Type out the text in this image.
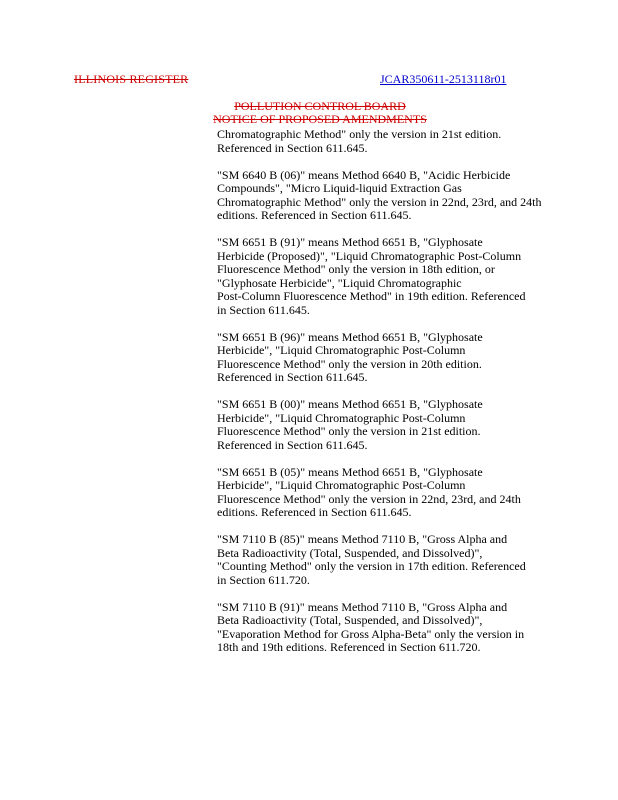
ILLINOIS REGISTER	JCAR350611-2513118r01
POLLUTION CONTROL BOARD
NOTICE OF PROPOSED AMENDMENTS

Chromatographic Method" only the version in 21st edition.
Referenced in Section 611.645.

"SM 6640 B (06)" means Method 6640 B, "Acidic Herbicide
Compounds", "Micro Liquid-liquid Extraction Gas
Chromatographic Method" only the version in 22nd, 23rd, and 24th
editions. Referenced in Section 611.645.

"SM 6651 B (91)" means Method 6651 B, "Glyphosate
Herbicide (Proposed)", "Liquid Chromatographic Post-Column
Fluorescence Method" only the version in 18th edition, or
"Glyphosate Herbicide", "Liquid Chromatographic
Post-Column Fluorescence Method" in 19th edition. Referenced
in Section 611.645.

"SM 6651 B (96)" means Method 6651 B, "Glyphosate
Herbicide", "Liquid Chromatographic Post-Column
Fluorescence Method" only the version in 20th edition.
Referenced in Section 611.645.

"SM 6651 B (00)" means Method 6651 B, "Glyphosate
Herbicide", "Liquid Chromatographic Post-Column
Fluorescence Method" only the version in 21st edition.
Referenced in Section 611.645.

"SM 6651 B (05)" means Method 6651 B, "Glyphosate
Herbicide", "Liquid Chromatographic Post-Column
Fluorescence Method" only the version in 22nd, 23rd, and 24th
editions. Referenced in Section 611.645.

"SM 7110 B (85)" means Method 7110 B, "Gross Alpha and
Beta Radioactivity (Total, Suspended, and Dissolved)",
"Counting Method" only the version in 17th edition. Referenced
in Section 611.720.

"SM 7110 B (91)" means Method 7110 B, "Gross Alpha and
Beta Radioactivity (Total, Suspended, and Dissolved)",
"Evaporation Method for Gross Alpha-Beta" only the version in
18th and 19th editions. Referenced in Section 611.720.
